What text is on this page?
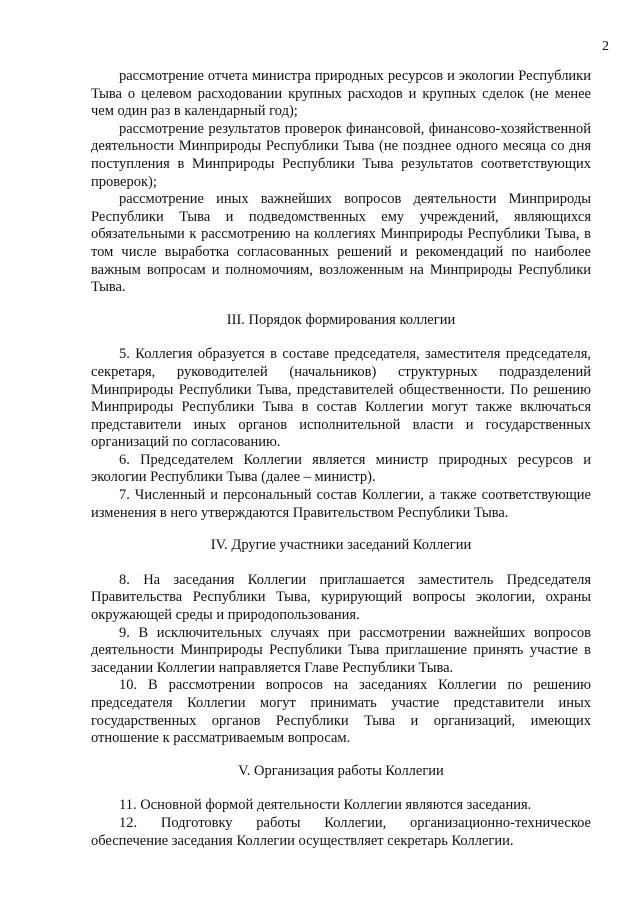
2

рассмотрение отчета министра природных ресурсов и экологии Республики Тыва о целевом расходовании крупных расходов и крупных сделок (не менее чем один раз в календарный год);

рассмотрение результатов проверок финансовой, финансово-хозяйственной деятельности Минприроды Республики Тыва (не позднее одного месяца со дня поступления в Минприроды Республики Тыва результатов соответствующих проверок);

рассмотрение иных важнейших вопросов деятельности Минприроды Республики Тыва и подведомственных ему учреждений, являющихся обязательными к рассмотрению на коллегиях Минприроды Республики Тыва, в том числе выработка согласованных решений и рекомендаций по наиболее важным вопросам и полномочиям, возложенным на Минприроды Республики Тыва.

III. Порядок формирования коллегии

5. Коллегия образуется в составе председателя, заместителя председателя, секретаря, руководителей (начальников) структурных подразделений Минприроды Республики Тыва, представителей общественности. По решению Минприроды Республики Тыва в состав Коллегии могут также включаться представители иных органов исполнительной власти и государственных организаций по согласованию.

6. Председателем Коллегии является министр природных ресурсов и экологии Республики Тыва (далее – министр).

7. Численный и персональный состав Коллегии, а также соответствующие изменения в него утверждаются Правительством Республики Тыва.

IV. Другие участники заседаний Коллегии

8. На заседания Коллегии приглашается заместитель Председателя Правительства Республики Тыва, курирующий вопросы экологии, охраны окружающей среды и природопользования.

9. В исключительных случаях при рассмотрении важнейших вопросов деятельности Минприроды Республики Тыва приглашение принять участие в заседании Коллегии направляется Главе Республики Тыва.

10. В рассмотрении вопросов на заседаниях Коллегии по решению председателя Коллегии могут принимать участие представители иных государственных органов Республики Тыва и организаций, имеющих отношение к рассматриваемым вопросам.

V. Организация работы Коллегии

11. Основной формой деятельности Коллегии являются заседания.

12. Подготовку работы Коллегии, организационно-техническое обеспечение заседания Коллегии осуществляет секретарь Коллегии.
